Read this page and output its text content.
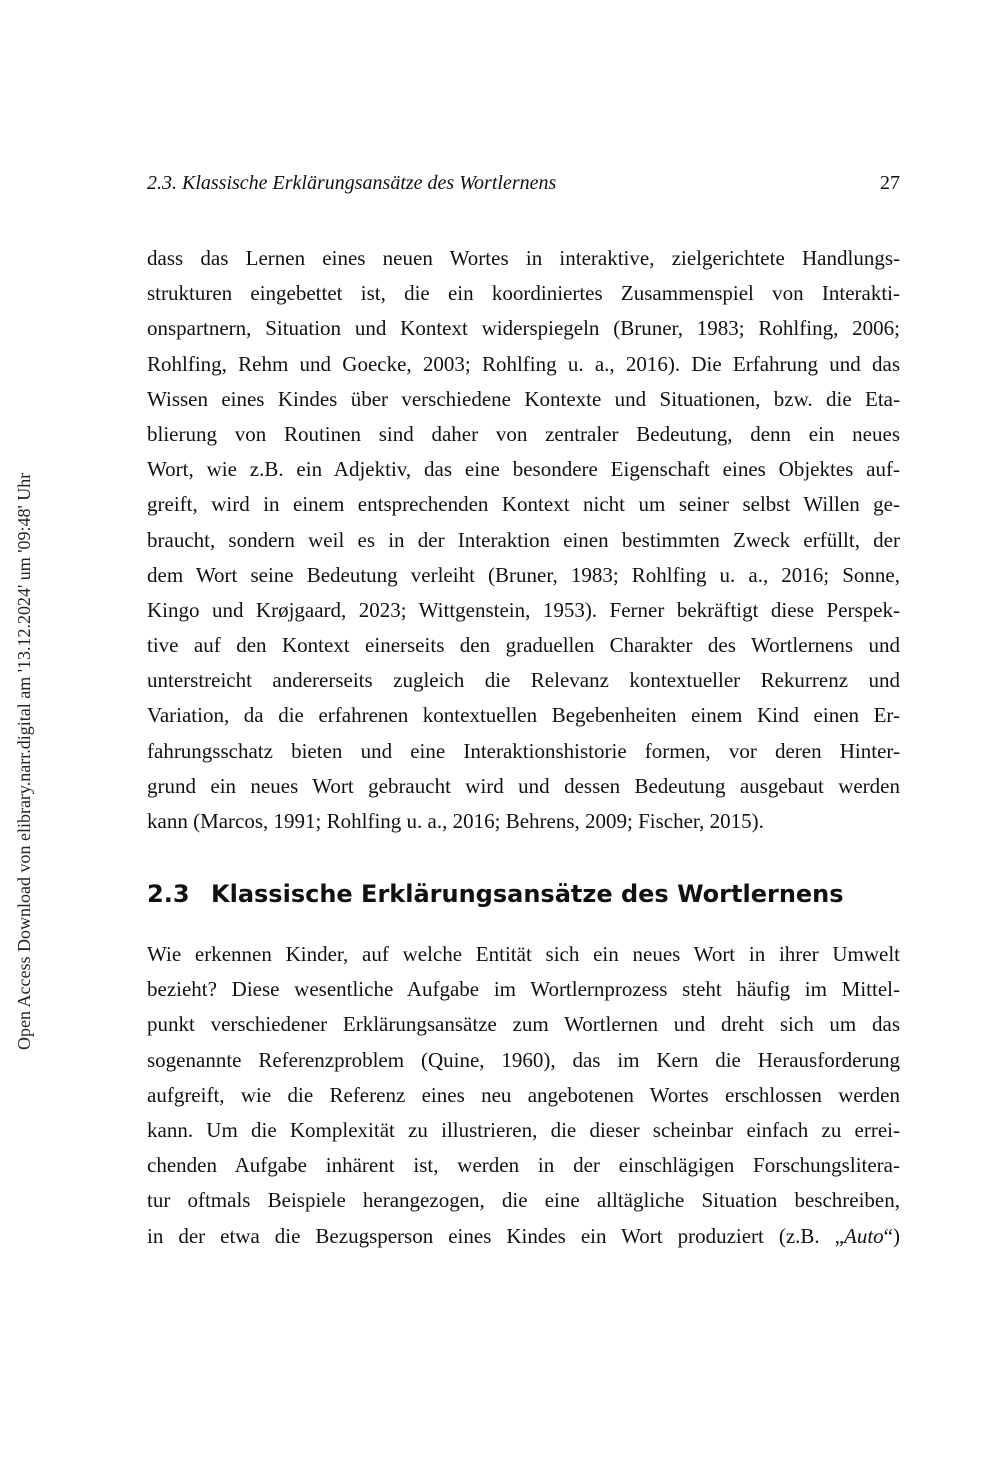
2.3. Klassische Erklärungsansätze des Wortlernens	27
Open Access Download von elibrary.narr.digital am '13.12.2024' um '09:48' Uhr
dass das Lernen eines neuen Wortes in interaktive, zielgerichtete Handlungs-
strukturen eingebettet ist, die ein koordiniertes Zusammenspiel von Interakti-
onspartnern, Situation und Kontext widerspiegeln (Bruner, 1983; Rohlfing, 2006;
Rohlfing, Rehm und Goecke, 2003; Rohlfing u. a., 2016). Die Erfahrung und das
Wissen eines Kindes über verschiedene Kontexte und Situationen, bzw. die Eta-
blierung von Routinen sind daher von zentraler Bedeutung, denn ein neues
Wort, wie z.B. ein Adjektiv, das eine besondere Eigenschaft eines Objektes auf-
greift, wird in einem entsprechenden Kontext nicht um seiner selbst Willen ge-
braucht, sondern weil es in der Interaktion einen bestimmten Zweck erfüllt, der
dem Wort seine Bedeutung verleiht (Bruner, 1983; Rohlfing u. a., 2016; Sonne,
Kingo und Krøjgaard, 2023; Wittgenstein, 1953). Ferner bekräftigt diese Perspek-
tive auf den Kontext einerseits den graduellen Charakter des Wortlernens und
unterstreicht andererseits zugleich die Relevanz kontextueller Rekurrenz und
Variation, da die erfahrenen kontextuellen Begebenheiten einem Kind einen Er-
fahrungsschatz bieten und eine Interaktionshistorie formen, vor deren Hinter-
grund ein neues Wort gebraucht wird und dessen Bedeutung ausgebaut werden
kann (Marcos, 1991; Rohlfing u. a., 2016; Behrens, 2009; Fischer, 2015).
2.3 Klassische Erklärungsansätze des Wortlernens
Wie erkennen Kinder, auf welche Entität sich ein neues Wort in ihrer Umwelt
bezieht? Diese wesentliche Aufgabe im Wortlernprozess steht häufig im Mittel-
punkt verschiedener Erklärungsansätze zum Wortlernen und dreht sich um das
sogenannte Referenzproblem (Quine, 1960), das im Kern die Herausforderung
aufgreift, wie die Referenz eines neu angebotenen Wortes erschlossen werden
kann. Um die Komplexität zu illustrieren, die dieser scheinbar einfach zu errei-
chenden Aufgabe inhärent ist, werden in der einschlägigen Forschungslitera-
tur oftmals Beispiele herangezogen, die eine alltägliche Situation beschreiben,
in der etwa die Bezugsperson eines Kindes ein Wort produziert (z.B. „Auto“)
